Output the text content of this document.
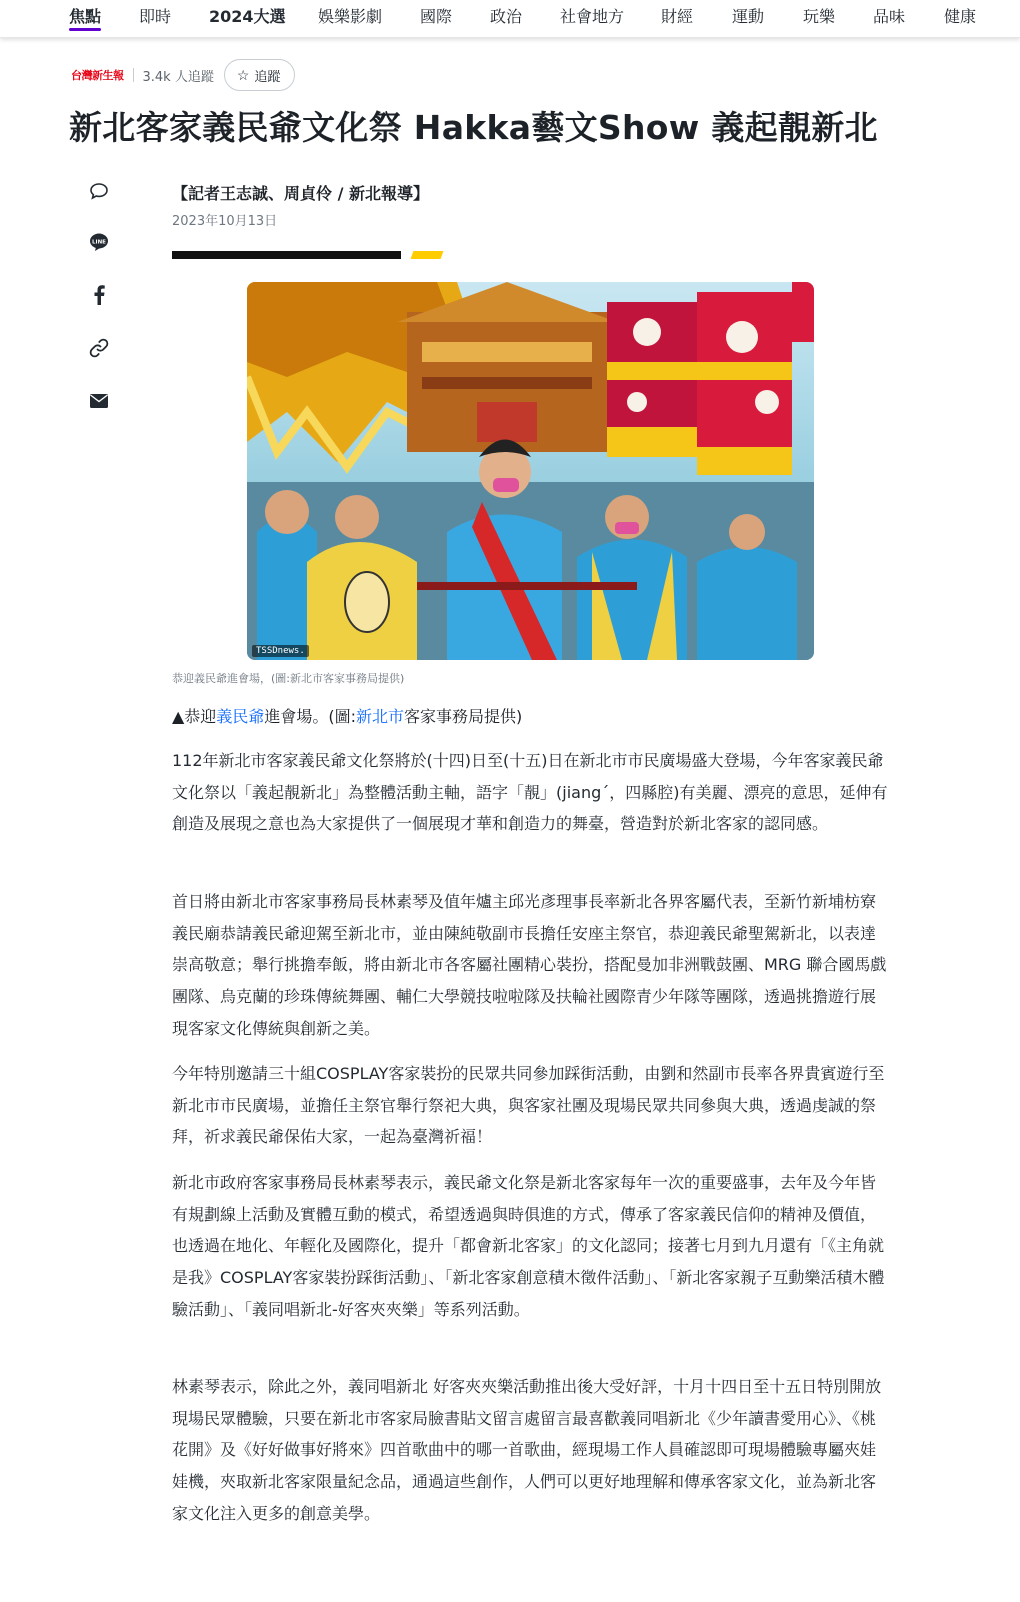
焦點 即時 2024大選 娛樂影劇 國際 政治 社會地方 財經 運動 玩樂 品味 健康
台灣新生報 3.4k 人追蹤 ☆ 追蹤
新北客家義民爺文化祭 Hakka藝文Show 義起靚新北
LINE
【記者王志誠、周貞伶 / 新北報導】
2023年10月13日
TSSDnews.
恭迎義民爺進會場，(圖:新北市客家事務局提供)
▲恭迎義民爺進會場。(圖:新北市客家事務局提供)

112年新北市客家義民爺文化祭將於(十四)日至(十五)日在新北市市民廣場盛大登場，今年客家義民爺文化祭以「義起靚新北」為整體活動主軸，語字「靚」(jiang´，四縣腔)有美麗、漂亮的意思，延伸有創造及展現之意也為大家提供了一個展現才華和創造力的舞臺，營造對於新北客家的認同感。

首日將由新北市客家事務局長林素琴及值年爐主邱光彥理事長率新北各界客屬代表，至新竹新埔枋寮義民廟恭請義民爺迎駕至新北市，並由陳純敬副市長擔任安座主祭官，恭迎義民爺聖駕新北，以表達崇高敬意；舉行挑擔奉飯，將由新北市各客屬社團精心裝扮，搭配曼加非洲戰鼓團、MRG 聯合國馬戲團隊、烏克蘭的珍珠傳統舞團、輔仁大學競技啦啦隊及扶輪社國際青少年隊等團隊，透過挑擔遊行展現客家文化傳統與創新之美。

今年特別邀請三十組COSPLAY客家裝扮的民眾共同參加踩街活動，由劉和然副市長率各界貴賓遊行至新北市市民廣場，並擔任主祭官舉行祭祀大典，與客家社團及現場民眾共同參與大典，透過虔誠的祭拜，祈求義民爺保佑大家，一起為臺灣祈福！

新北市政府客家事務局長林素琴表示，義民爺文化祭是新北客家每年一次的重要盛事，去年及今年皆有規劃線上活動及實體互動的模式，希望透過與時俱進的方式，傳承了客家義民信仰的精神及價值，也透過在地化、年輕化及國際化，提升「都會新北客家」的文化認同；接著七月到九月還有「《主角就是我》COSPLAY客家裝扮踩街活動」、「新北客家創意積木徵件活動」、「新北客家親子互動樂活積木體驗活動」、「義同唱新北-好客夾夾樂」等系列活動。

林素琴表示，除此之外，義同唱新北 好客夾夾樂活動推出後大受好評，十月十四日至十五日特別開放現場民眾體驗，只要在新北市客家局臉書貼文留言處留言最喜歡義同唱新北《少年讀書愛用心》、《桃花開》及《好好做事好將來》四首歌曲中的哪一首歌曲，經現場工作人員確認即可現場體驗專屬夾娃娃機，夾取新北客家限量紀念品，通過這些創作，人們可以更好地理解和傳承客家文化，並為新北客家文化注入更多的創意美學。
